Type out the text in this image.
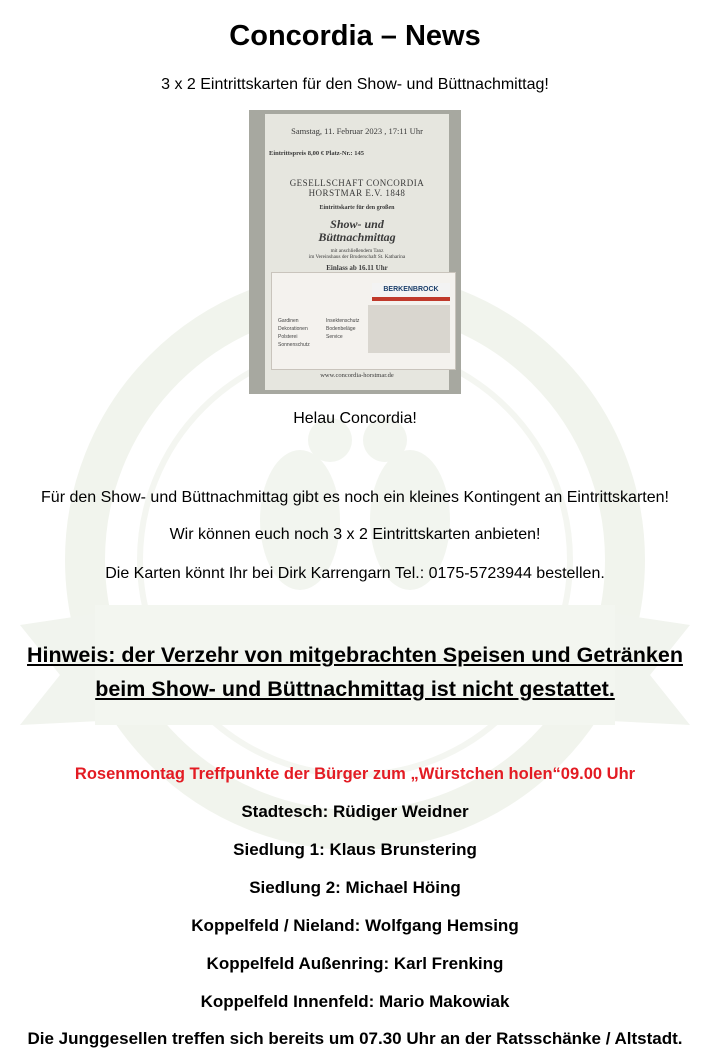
Concordia – News
3 x 2 Eintrittskarten für den Show- und Büttnachmittag!
Samstag, 11. Februar 2023 , 17:11 Uhr
Eintrittspreis 8,00 € Platz-Nr.: 145
GESELLSCHAFT CONCORDIA
HORSTMAR E.V. 1848
Eintrittskarte für den großen
Show- und
Büttnachmittag
mit anschließendem Tanz
im Vereinshaus der Bruderschaft St. Katharina
Einlass ab 16.11 Uhr
www.concordia-horstmar.de
BERKENBROCK
Gardinen	Insektenschutz
Dekorationen	Bodenbeläge
Polsterei	Service
Sonnenschutz
Helau Concordia!
Für den Show- und Büttnachmittag gibt es noch ein kleines Kontingent an Eintrittskarten!
Wir können euch noch 3 x 2 Eintrittskarten anbieten!
Die Karten könnt Ihr bei Dirk Karrengarn Tel.: 0175-5723944 bestellen.
Hinweis: der Verzehr von mitgebrachten Speisen und Getränken
beim Show- und Büttnachmittag ist nicht gestattet.
Rosenmontag Treffpunkte der Bürger zum „Würstchen holen“09.00 Uhr
Stadtesch: Rüdiger Weidner
Siedlung 1: Klaus Brunstering
Siedlung 2: Michael Höing
Koppelfeld / Nieland: Wolfgang Hemsing
Koppelfeld Außenring: Karl Frenking
Koppelfeld Innenfeld: Mario Makowiak
Die Junggesellen treffen sich bereits um 07.30 Uhr an der Ratsschänke / Altstadt.
